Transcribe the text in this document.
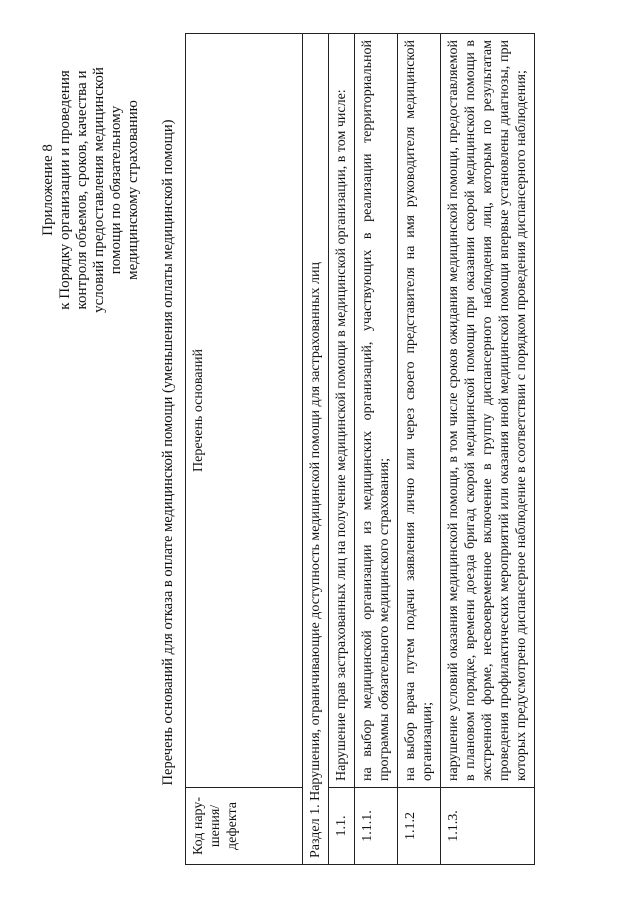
Приложение 8 к Порядку организации и проведения контроля объемов, сроков, качества и условий предоставления медицинской помощи по обязательному медицинскому страхованию Перечень оснований для отказа в оплате медицинской помощи (уменьшения оплаты медицинской помощи)
Код нару-шения/ дефекта	Перечень оснований
Раздел 1. Нарушения, ограничивающие доступность медицинской помощи для застрахованных лиц	
1.1.	Нарушение прав застрахованных лиц на получение медицинской помощи в медицинской организации, в том числе:
1.1.1.	на выбор медицинской организации из медицинских организаций, участвующих в реализации территориальной программы обязательного медицинского страхования;
1.1.2	на выбор врача путем подачи заявления лично или через своего представителя на имя руководителя медицинской организации;
1.1.3.	нарушение условий оказания медицинской помощи, в том числе сроков ожидания медицинской помощи, предоставляемой в плановом порядке, времени доезда бригад скорой медицинской помощи при оказании скорой медицинской помощи в экстренной форме, несвоевременное включение в группу диспансерного наблюдения лиц, которым по результатам проведения профилактических мероприятий или оказания иной медицинской помощи впервые установлены диагнозы, при которых предусмотрено диспансерное наблюдение в соответствии с порядком проведения диспансерного наблюдения;
